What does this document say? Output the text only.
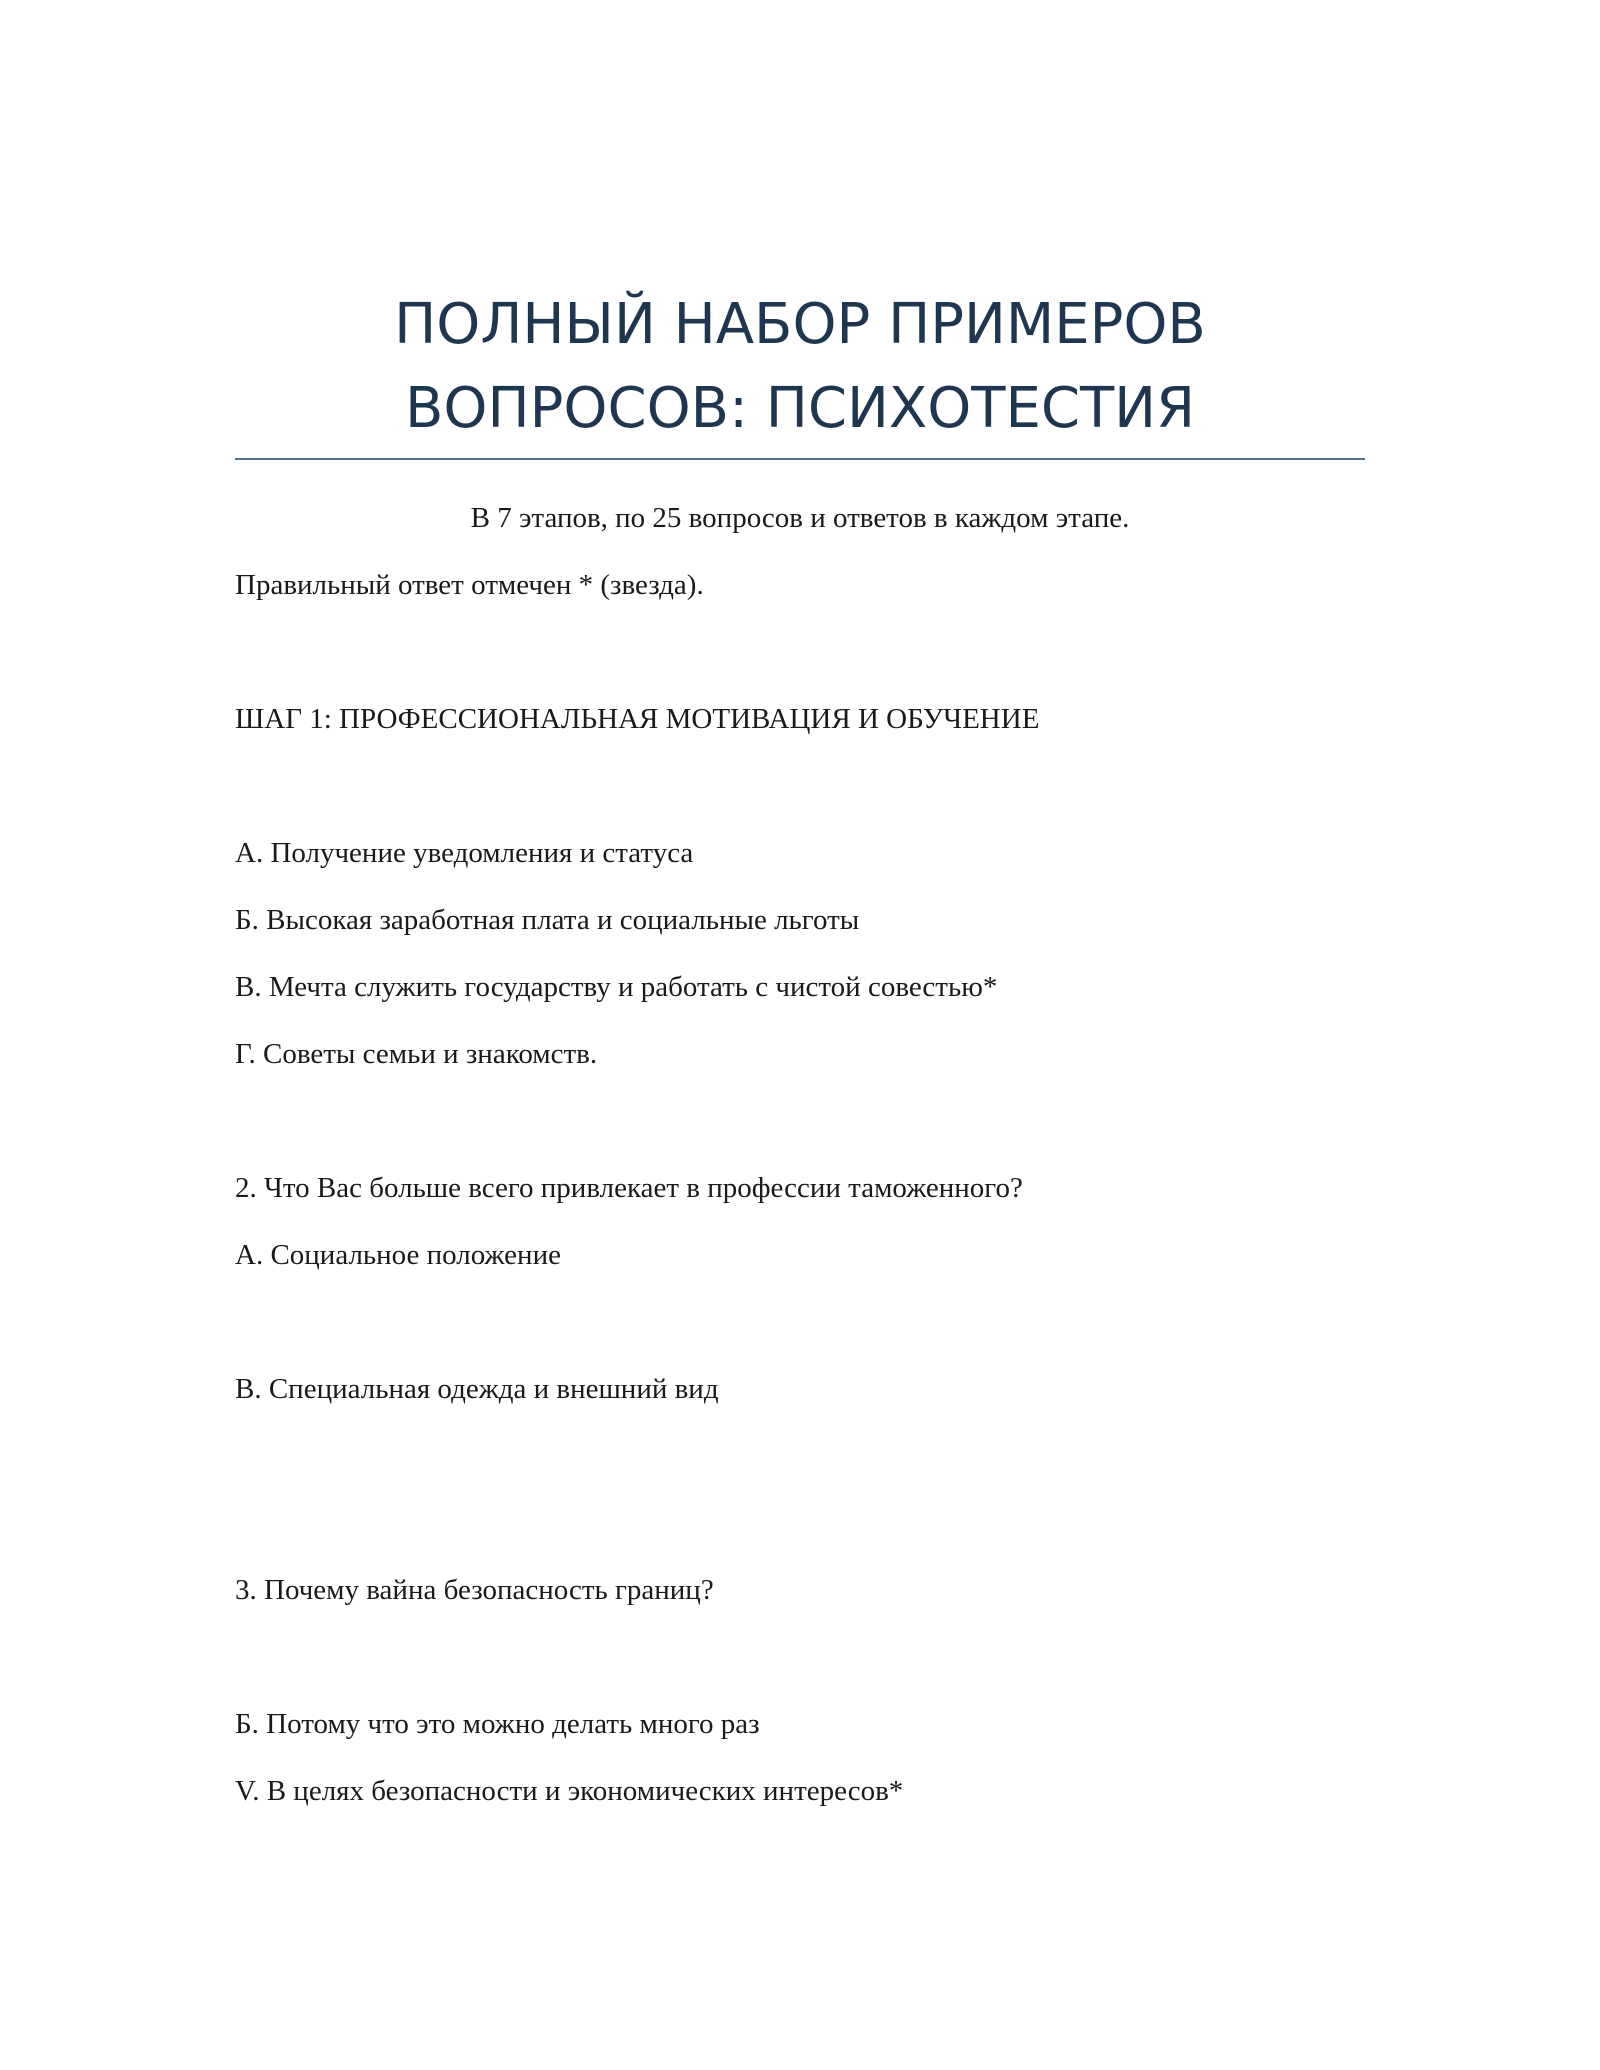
ПОЛНЫЙ НАБОР ПРИМЕРОВ
ВОПРОСОВ: ПСИХОТЕСТИЯ

В 7 этапов, по 25 вопросов и ответов в каждом этапе.

Правильный ответ отмечен * (звезда).

ШАГ 1: ПРОФЕССИОНАЛЬНАЯ МОТИВАЦИЯ И ОБУЧЕНИЕ

А. Получение уведомления и статуса

Б. Высокая заработная плата и социальные льготы

В. Мечта служить государству и работать с чистой совестью*

Г. Советы семьи и знакомств.

2. Что Вас больше всего привлекает в профессии таможенного?

А. Социальное положение

В. Специальная одежда и внешний вид

3. Почему вайна безопасность границ?

Б. Потому что это можно делать много раз

V. В целях безопасности и экономических интересов*
